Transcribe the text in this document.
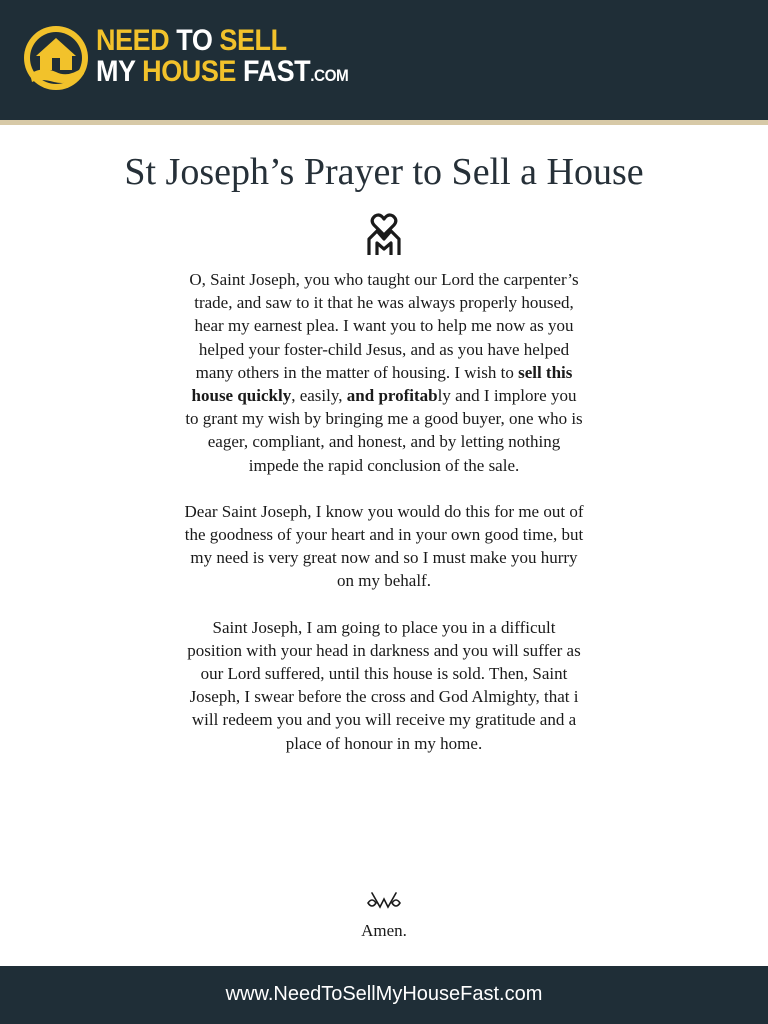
NEED TO SELL
MY HOUSE FAST.COM
St Joseph’s Prayer to Sell a House

O, Saint Joseph, you who taught our Lord the carpenter’s trade, and saw to it that he was always properly housed, hear my earnest plea. I want you to help me now as you helped your foster-child Jesus, and as you have helped many others in the matter of housing. I wish to sell this house quickly, easily, and profitably and I implore you to grant my wish by bringing me a good buyer, one who is eager, compliant, and honest, and by letting nothing impede the rapid conclusion of the sale.

Dear Saint Joseph, I know you would do this for me out of the goodness of your heart and in your own good time, but my need is very great now and so I must make you hurry on my behalf.

Saint Joseph, I am going to place you in a difficult position with your head in darkness and you will suffer as our Lord suffered, until this house is sold. Then, Saint Joseph, I swear before the cross and God Almighty, that i will redeem you and you will receive my gratitude and a place of honour in my home.

Amen.
www.NeedToSellMyHouseFast.com
